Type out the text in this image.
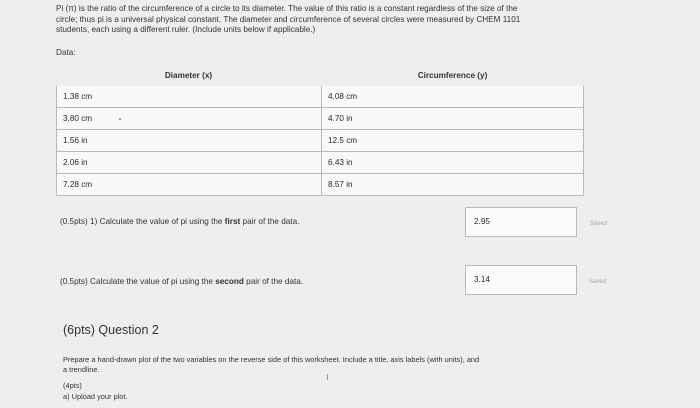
Pi (π) is the ratio of the circumference of a circle to its diameter. The value of this ratio is a constant regardless of the size of the
circle; thus pi is a universal physical constant. The diameter and circumference of several circles were measured by CHEM 1101
students, each using a different ruler. (Include units below if applicable.)
Data:
Diameter (x)	Circumference (y)
1.38 cm	4.08 cm
3.80 cm	4.70 in
1.56 in	12.5 cm
2.06 in	6.43 in
7.28 cm	8.57 in
(0.5pts) 1) Calculate the value of pi using the first pair of the data.	2.95	Saved
(0.5pts) Calculate the value of pi using the second pair of the data.	3.14	Saved
(6pts) Question 2
Prepare a hand-drawn plot of the two variables on the reverse side of this worksheet. Include a title, axis labels (with units), and
a trendline.
(4pts)
a) Upload your plot.
